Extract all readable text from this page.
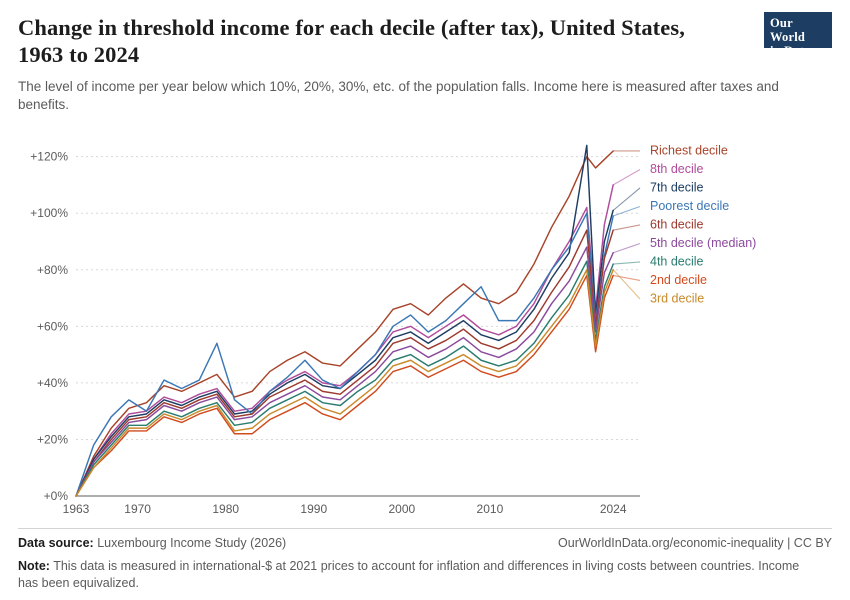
Change in threshold income for each decile (after tax), United States, 1963 to 2024

The level of income per year below which 10%, 20%, 30%, etc. of the population falls. Income here is measured after taxes and benefits.

Our World
in Data
+0%
+20%
+40%
+60%
+80%
+100%
+120%
1963	1970	1980	1990	2000	2010	2024
Richest decile
8th decile
7th decile
Poorest decile
6th decile
5th decile (median)
4th decile
2nd decile
3rd decile
Data source: Luxembourg Income Study (2026)	OurWorldInData.org/economic-inequality | CC BY
Note: This data is measured in international-$ at 2021 prices to account for inflation and differences in living costs between countries. Income has been equivalized.
